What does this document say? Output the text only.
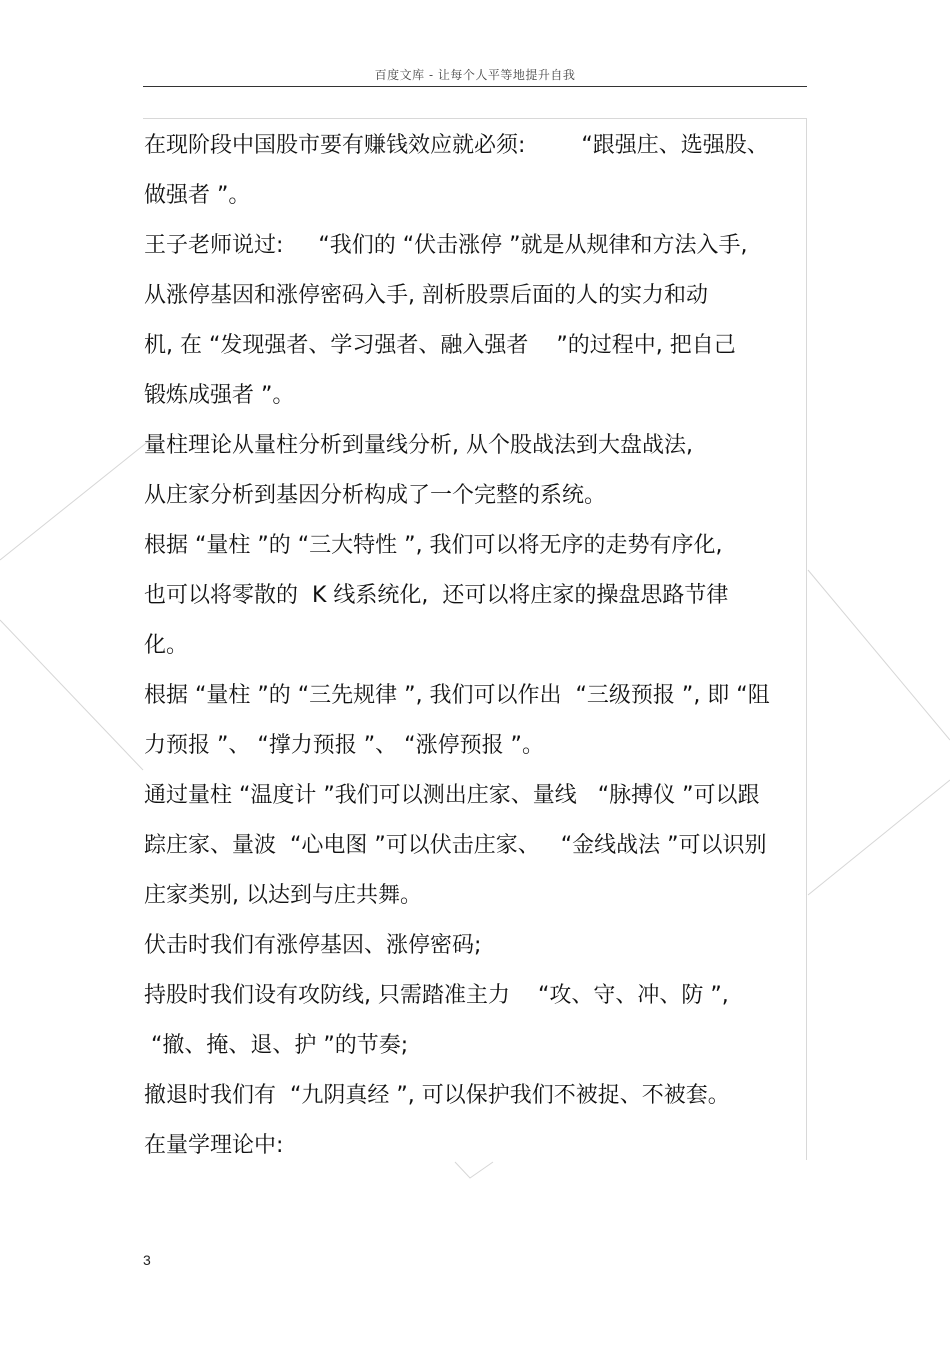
百度文库 - 让每个人平等地提升自我
在现阶段中国股市要有赚钱效应就必须:        “跟强庄、选强股、
做强者 ”。
王子老师说过:     “我们的 “伏击涨停 ”就是从规律和方法入手,
从涨停基因和涨停密码入手, 剖析股票后面的人的实力和动
机, 在 “发现强者、学习强者、融入强者    ”的过程中, 把自己
锻炼成强者 ”。
量柱理论从量柱分析到量线分析, 从个股战法到大盘战法,
从庄家分析到基因分析构成了一个完整的系统。
根据 “量柱 ”的 “三大特性 ”, 我们可以将无序的走势有序化,
也可以将零散的  K 线系统化,  还可以将庄家的操盘思路节律
化。
根据 “量柱 ”的 “三先规律 ”, 我们可以作出  “三级预报 ”, 即 “阻
力预报 ”、 “撑力预报 ”、 “涨停预报 ”。
通过量柱 “温度计 ”我们可以测出庄家、量线   “脉搏仪 ”可以跟
踪庄家、量波  “心电图 ”可以伏击庄家、   “金线战法 ”可以识别
庄家类别, 以达到与庄共舞。
伏击时我们有涨停基因、涨停密码;
持股时我们设有攻防线, 只需踏准主力    “攻、守、冲、防 ”,
“撤、掩、退、护 ”的节奏;
撤退时我们有  “九阴真经 ”, 可以保护我们不被捉、不被套。
在量学理论中:
3
